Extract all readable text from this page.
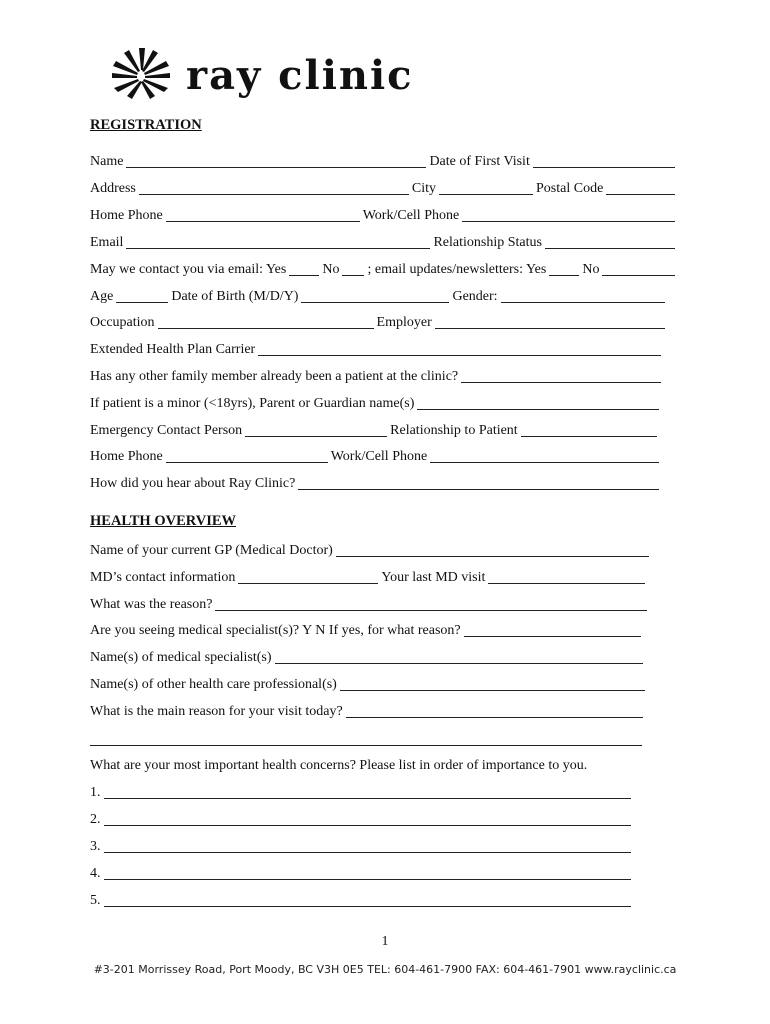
ray clinic
REGISTRATION
Name	Date of First Visit
Address	City	Postal Code
Home Phone	Work/Cell Phone
Email	Relationship Status
May we contact you via email: Yes	No ; email updates/newsletters: Yes	No
Age	Date of Birth (M/D/Y)	Gender:
Occupation	Employer
Extended Health Plan Carrier
Has any other family member already been a patient at the clinic?
If patient is a minor (<18yrs), Parent or Guardian name(s)
Emergency Contact Person	Relationship to Patient
Home Phone	Work/Cell Phone
How did you hear about Ray Clinic?
HEALTH OVERVIEW
Name of your current GP (Medical Doctor)
MD’s contact information	Your last MD visit
What was the reason?
Are you seeing medical specialist(s)? Y N If yes, for what reason?
Name(s) of medical specialist(s)
Name(s) of other health care professional(s)
What is the main reason for your visit today?
What are your most important health concerns? Please list in order of importance to you.
1.
2.
3.
4.
5.
1
#3-201 Morrissey Road, Port Moody, BC V3H 0E5 TEL: 604-461-7900 FAX: 604-461-7901 www.rayclinic.ca
